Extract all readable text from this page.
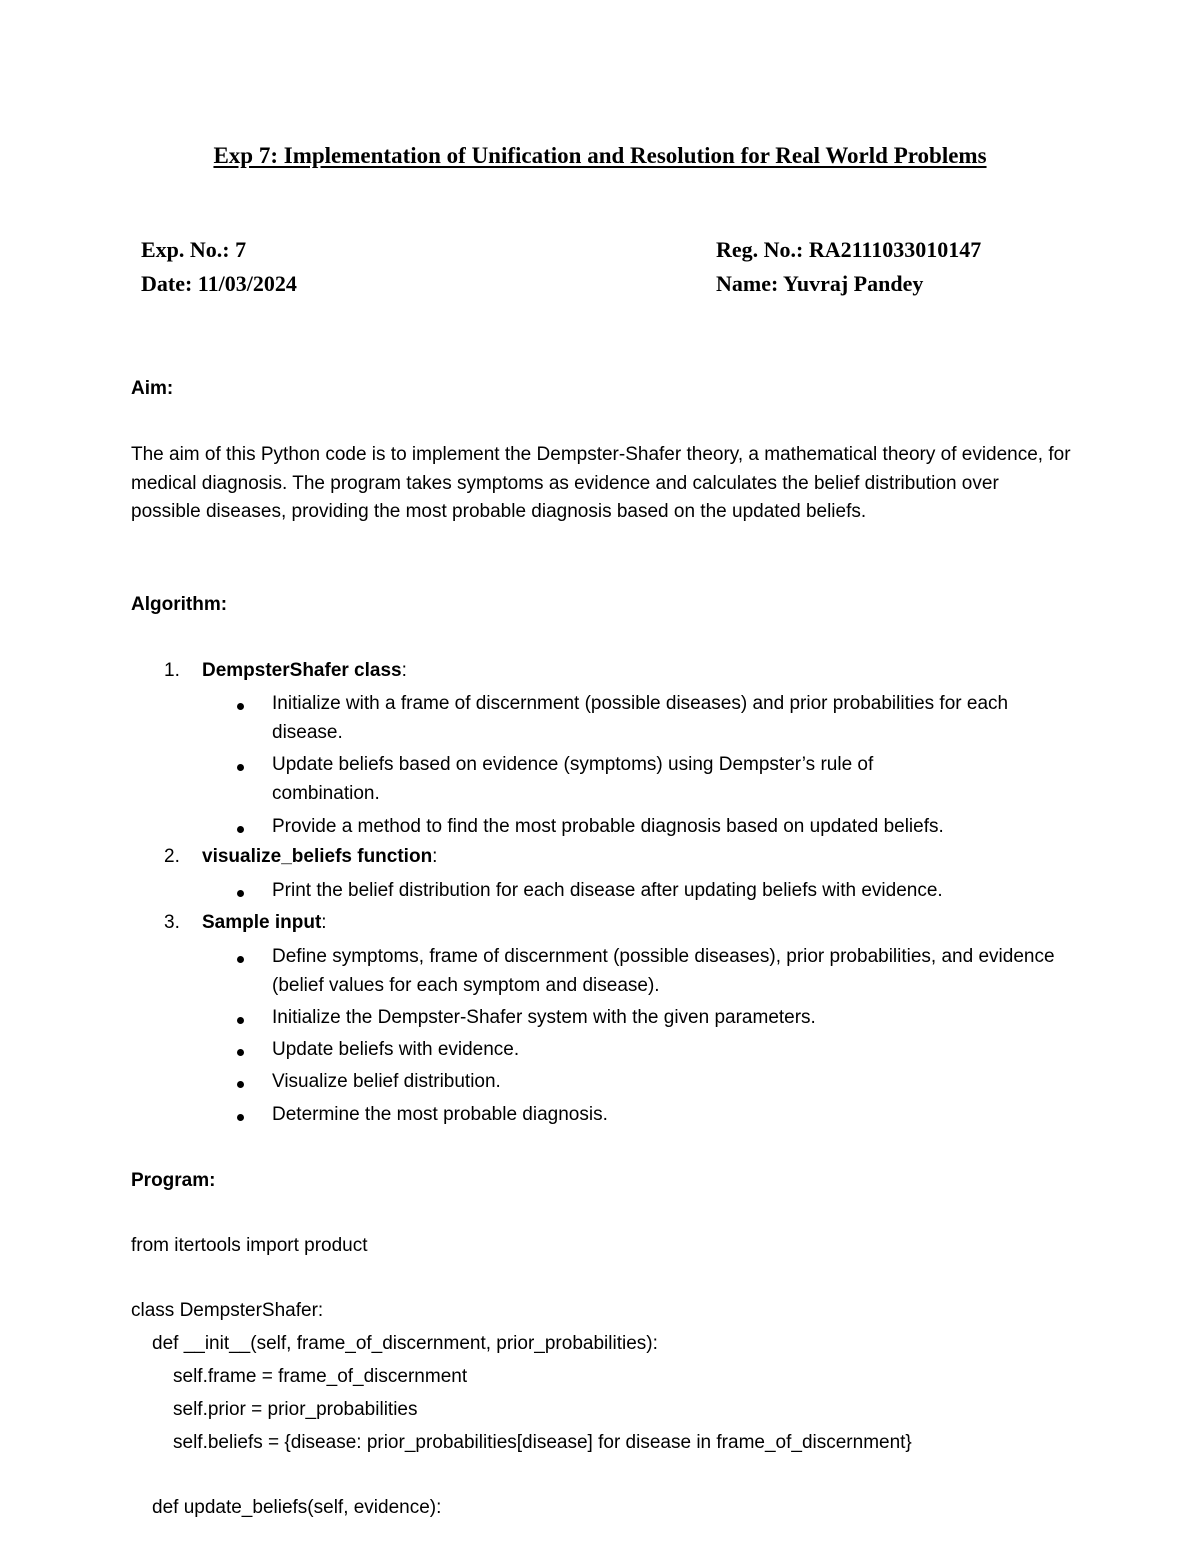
Exp 7: Implementation of Unification and Resolution for Real World Problems
Exp. No.: 7
Date: 11/03/2024
Reg. No.: RA2111033010147
Name: Yuvraj Pandey
Aim:
The aim of this Python code is to implement the Dempster-Shafer theory, a mathematical theory of evidence, for medical diagnosis. The program takes symptoms as evidence and calculates the belief distribution over possible diseases, providing the most probable diagnosis based on the updated beliefs.
Algorithm:
1. DempsterShafer class:
Initialize with a frame of discernment (possible diseases) and prior probabilities for each disease.
Update beliefs based on evidence (symptoms) using Dempster’s rule of combination.
Provide a method to find the most probable diagnosis based on updated beliefs.
2. visualize_beliefs function:
Print the belief distribution for each disease after updating beliefs with evidence.
3. Sample input:
Define symptoms, frame of discernment (possible diseases), prior probabilities, and evidence (belief values for each symptom and disease).
Initialize the Dempster-Shafer system with the given parameters.
Update beliefs with evidence.
Visualize belief distribution.
Determine the most probable diagnosis.
Program:
from itertools import product
class DempsterShafer:
def __init__(self, frame_of_discernment, prior_probabilities):
self.frame = frame_of_discernment
self.prior = prior_probabilities
self.beliefs = {disease: prior_probabilities[disease] for disease in frame_of_discernment}
def update_beliefs(self, evidence):
